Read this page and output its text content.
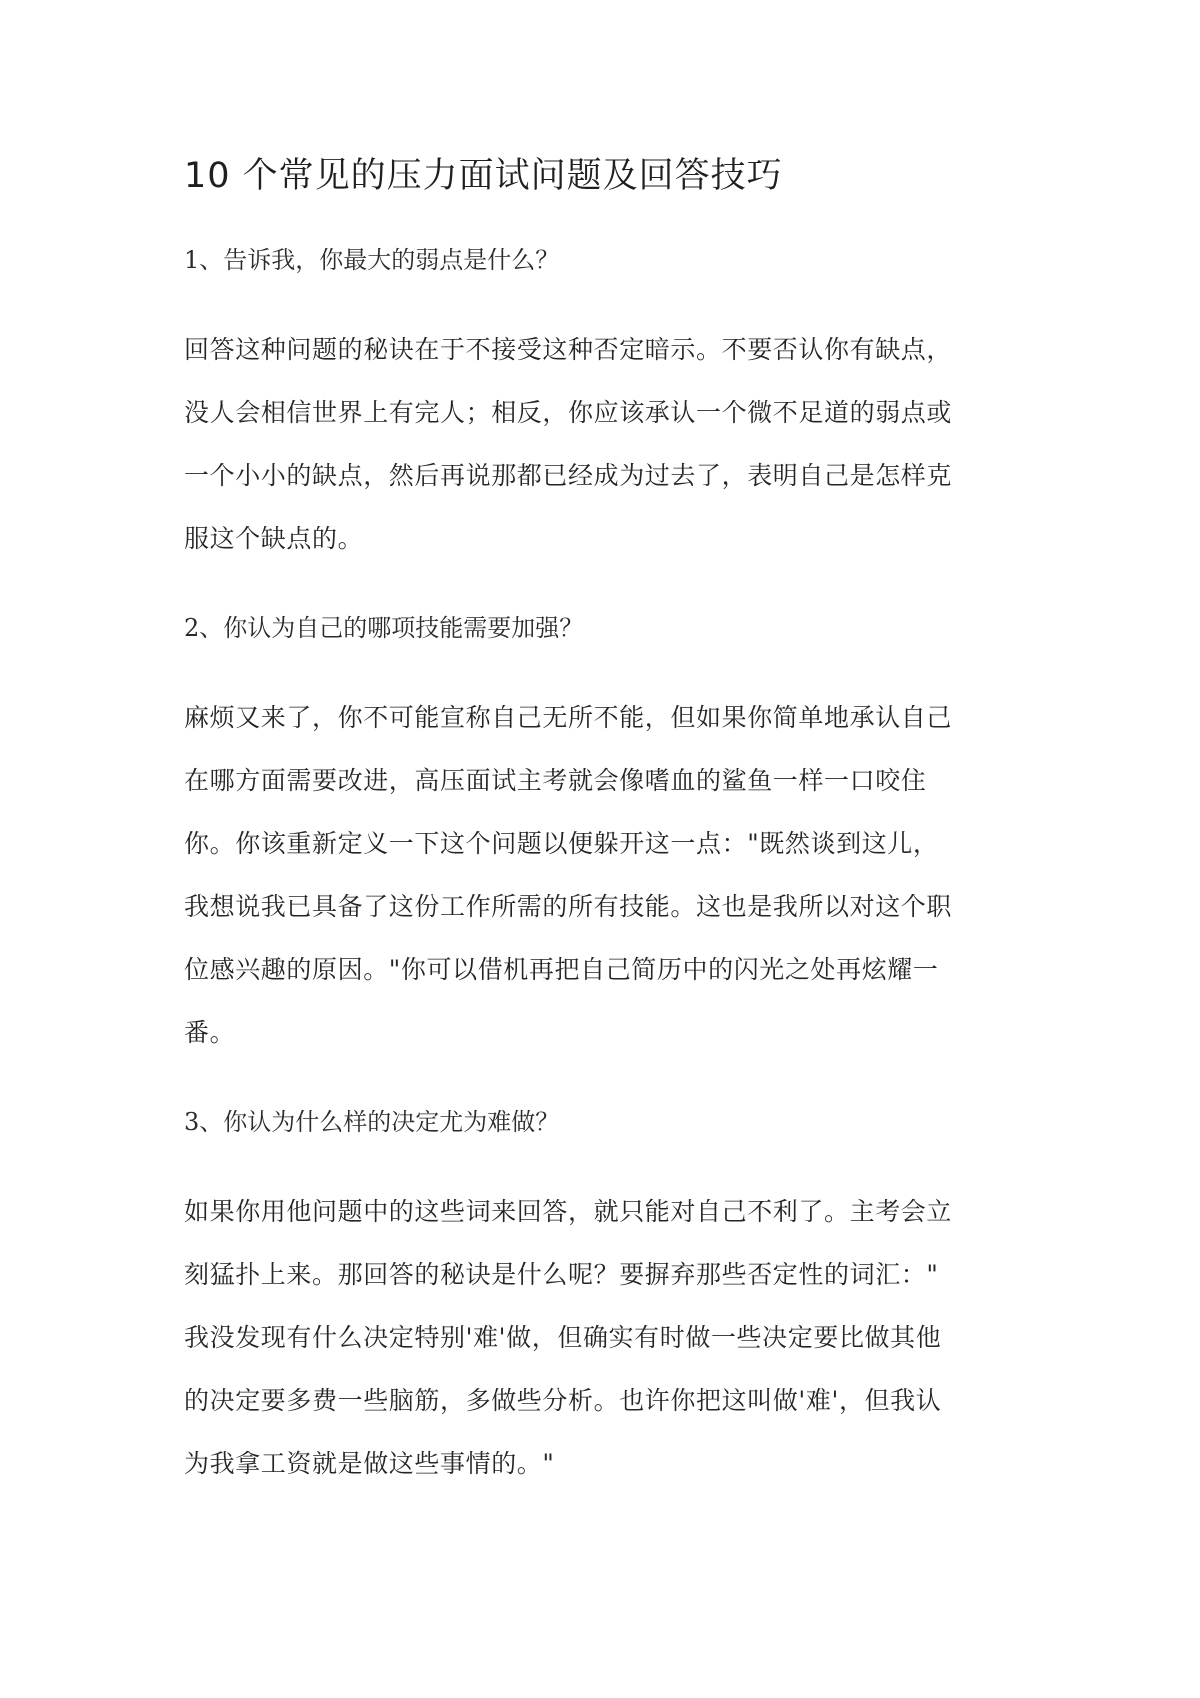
10 个常见的压力面试问题及回答技巧

1、告诉我，你最大的弱点是什么？

回答这种问题的秘诀在于不接受这种否定暗示。不要否认你有缺点，
没人会相信世界上有完人；相反，你应该承认一个微不足道的弱点或
一个小小的缺点，然后再说那都已经成为过去了，表明自己是怎样克
服这个缺点的。

2、你认为自己的哪项技能需要加强？

麻烦又来了，你不可能宣称自己无所不能，但如果你简单地承认自己
在哪方面需要改进，高压面试主考就会像嗜血的鲨鱼一样一口咬住
你。你该重新定义一下这个问题以便躲开这一点："既然谈到这儿，
我想说我已具备了这份工作所需的所有技能。这也是我所以对这个职
位感兴趣的原因。"你可以借机再把自己简历中的闪光之处再炫耀一
番。

3、你认为什么样的决定尤为难做？

如果你用他问题中的这些词来回答，就只能对自己不利了。主考会立
刻猛扑上来。那回答的秘诀是什么呢？要摒弃那些否定性的词汇："
我没发现有什么决定特别'难'做，但确实有时做一些决定要比做其他
的决定要多费一些脑筋，多做些分析。也许你把这叫做'难'，但我认
为我拿工资就是做这些事情的。"
